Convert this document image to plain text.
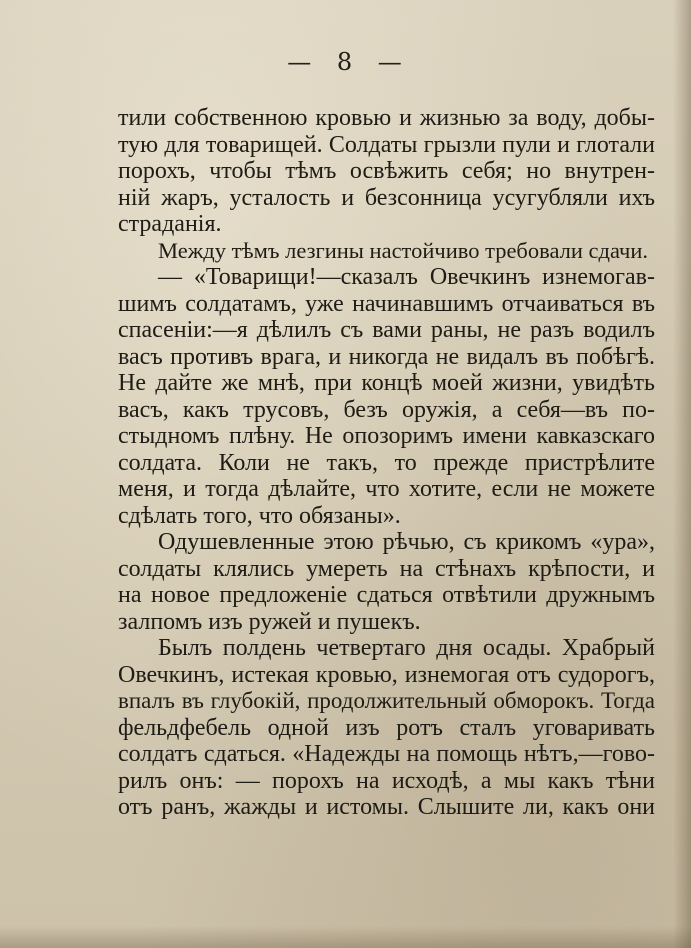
— 8 —
тили собственною кровью и жизнью за воду, добы-
тую для товарищей. Солдаты грызли пули и глотали
порохъ, чтобы тѣмъ освѣжить себя; но внутрен-
ній жаръ, усталость и безсонница усугубляли ихъ
страданія.
Между тѣмъ лезгины настойчиво требовали сдачи.
— «Товарищи!—сказалъ Овечкинъ изнемогав-
шимъ солдатамъ, уже начинавшимъ отчаиваться въ
спасеніи:—я дѣлилъ съ вами раны, не разъ водилъ
васъ противъ врага, и никогда не видалъ въ побѣгѣ.
Не дайте же мнѣ, при концѣ моей жизни, увидѣть
васъ, какъ трусовъ, безъ оружія, а себя—въ по-
стыдномъ плѣну. Не опозоримъ имени кавказскаго
солдата. Коли не такъ, то прежде пристрѣлите
меня, и тогда дѣлайте, что хотите, если не можете
сдѣлать того, что обязаны».
Одушевленные этою рѣчью, съ крикомъ «ура»,
солдаты клялись умереть на стѣнахъ крѣпости, и
на новое предложеніе сдаться отвѣтили дружнымъ
залпомъ изъ ружей и пушекъ.
Былъ полдень четвертаго дня осады. Храбрый
Овечкинъ, истекая кровью, изнемогая отъ судорогъ,
впалъ въ глубокій, продолжительный обморокъ. Тогда
фельдфебель одной изъ ротъ сталъ уговаривать
солдатъ сдаться. «Надежды на помощь нѣтъ,—гово-
рилъ онъ: — порохъ на исходѣ, а мы какъ тѣни
отъ ранъ, жажды и истомы. Слышите ли, какъ они
